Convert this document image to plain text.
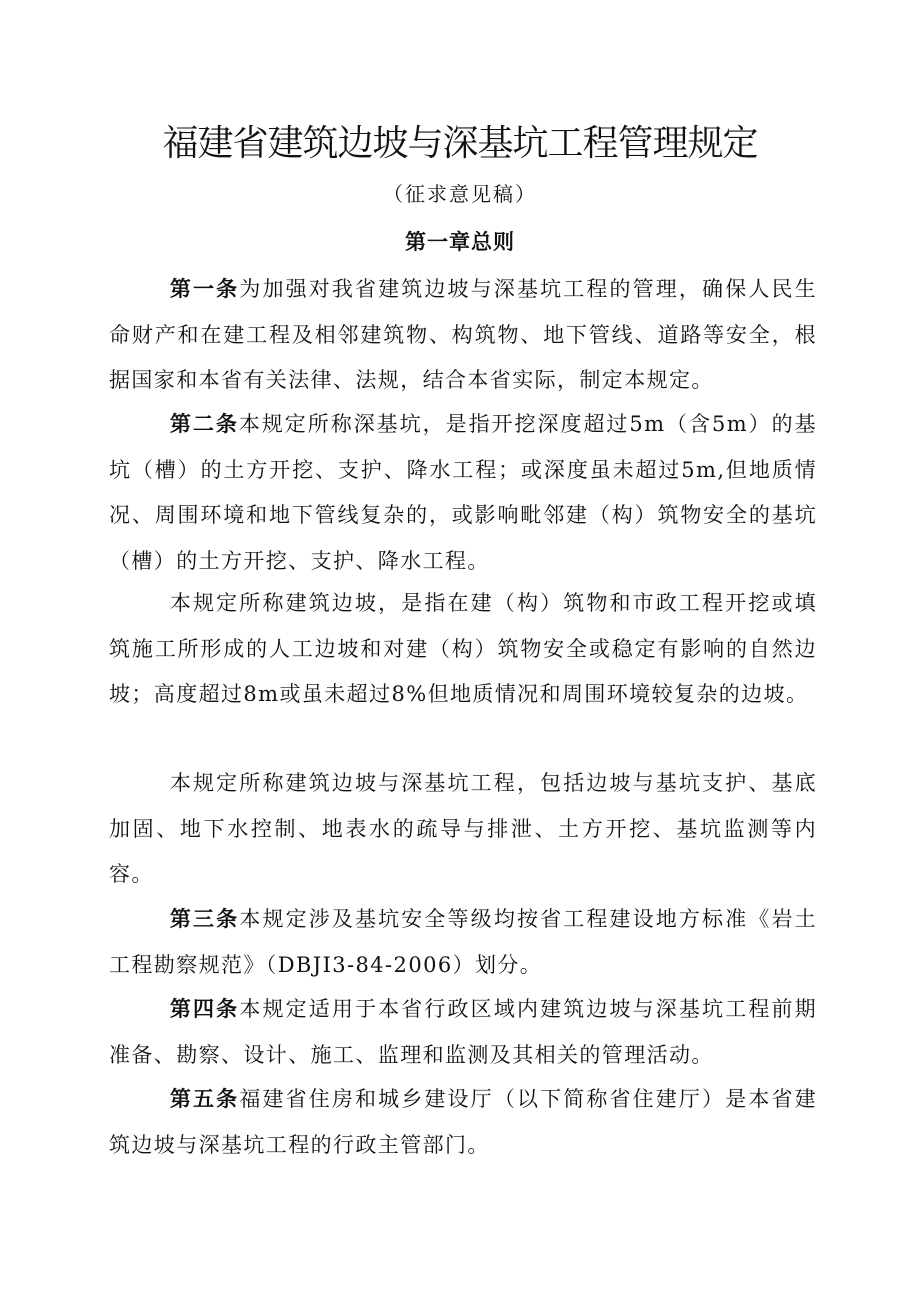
福建省建筑边坡与深基坑工程管理规定
（征求意见稿）
第一章总则

第一条为加强对我省建筑边坡与深基坑工程的管理，确保人民生命财产和在建工程及相邻建筑物、构筑物、地下管线、道路等安全，根据国家和本省有关法律、法规，结合本省实际，制定本规定。

第二条本规定所称深基坑，是指开挖深度超过5m（含5m）的基坑（槽）的土方开挖、支护、降水工程；或深度虽未超过5m,但地质情况、周围环境和地下管线复杂的，或影响毗邻建（构）筑物安全的基坑（槽）的土方开挖、支护、降水工程。

本规定所称建筑边坡，是指在建（构）筑物和市政工程开挖或填筑施工所形成的人工边坡和对建（构）筑物安全或稳定有影响的自然边坡；高度超过8m或虽未超过8%但地质情况和周围环境较复杂的边坡。

本规定所称建筑边坡与深基坑工程，包括边坡与基坑支护、基底加固、地下水控制、地表水的疏导与排泄、土方开挖、基坑监测等内容。

第三条本规定涉及基坑安全等级均按省工程建设地方标准《岩土工程勘察规范》（DBJI3-84-2006）划分。

第四条本规定适用于本省行政区域内建筑边坡与深基坑工程前期准备、勘察、设计、施工、监理和监测及其相关的管理活动。

第五条福建省住房和城乡建设厅（以下简称省住建厅）是本省建筑边坡与深基坑工程的行政主管部门。
